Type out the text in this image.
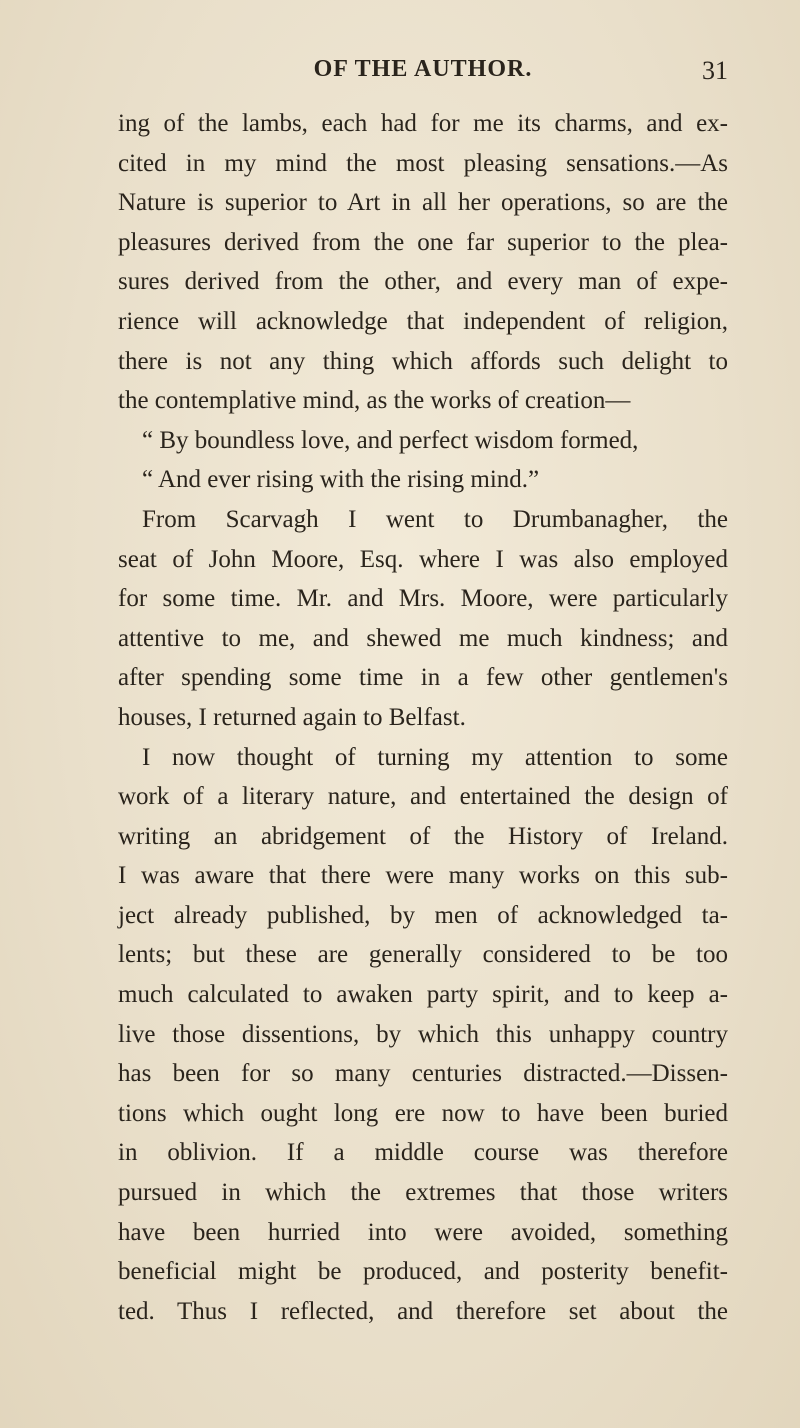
OF THE AUTHOR.	31
ing of the lambs, each had for me its charms, and ex-
cited in my mind the most pleasing sensations.—As
Nature is superior to Art in all her operations, so are the
pleasures derived from the one far superior to the plea-
sures derived from the other, and every man of expe-
rience will acknowledge that independent of religion,
there is not any thing which affords such delight to
the contemplative mind, as the works of creation—
“ By boundless love, and perfect wisdom formed,
“ And ever rising with the rising mind.”
From Scarvagh I went to Drumbanagher, the
seat of John Moore, Esq. where I was also employed
for some time. Mr. and Mrs. Moore, were particularly
attentive to me, and shewed me much kindness; and
after spending some time in a few other gentlemen's
houses, I returned again to Belfast.
I now thought of turning my attention to some
work of a literary nature, and entertained the design of
writing an abridgement of the History of Ireland.
I was aware that there were many works on this sub-
ject already published, by men of acknowledged ta-
lents; but these are generally considered to be too
much calculated to awaken party spirit, and to keep a-
live those dissentions, by which this unhappy country
has been for so many centuries distracted.—Dissen-
tions which ought long ere now to have been buried
in oblivion. If a middle course was therefore
pursued in which the extremes that those writers
have been hurried into were avoided, something
beneficial might be produced, and posterity benefit-
ted. Thus I reflected, and therefore set about the
